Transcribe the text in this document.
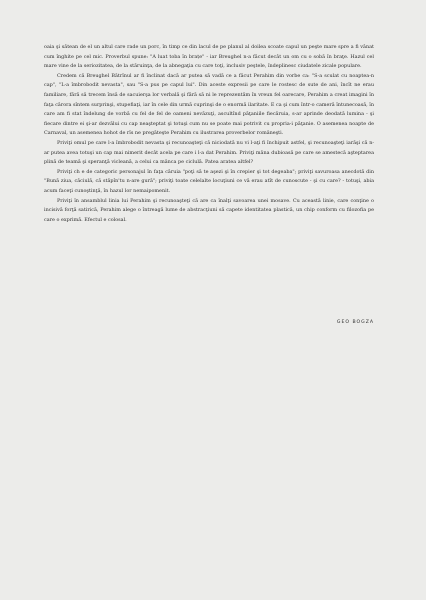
oaia şi sătean de el un altul care rade un porc, în timp ce din lacul de pe planul al doilea scoate capul un peşte mare spre a fi vânat cum înghite pe cel mic. Proverbul spune: "A luat toba în brațe" - iar Breughel n-a făcut decât un om cu o sobă în braţe. Hazul cel mare vine de la seriozitatea, de la stăruinţa, de la abnegaţia cu care toţi, inclusiv peştele, îndeplinesc ciudatele zicale populare.

Credem că Breughel Bătrînul ar fi înclinat dacă ar putea să vadă ce a făcut Perahim din vorbe ca: "S-a sculat cu noaptea-n cap", "L-a îmbrobodit nevasta", sau "S-a pus pe capul lui". Din aceste expresii pe care le rostesc de sute de ani, încît ne erau familiare, fără să trecem însă de sacuierşa lor verbală şi fără să ni le reprezentăm în vreun fel oarecare, Perahim a creat imagini în faţa cărora sîntem surprinşi, stupefiaţi, iar în cele din urmă cuprinşi de o enormă ilaritate. E ca şi cum într-o cameră întunecoasă, în care am fi stat îndelung de vorbă cu fel de fel de oameni nevăzuţi, ascultînd păţaniile fiecăruia, s-ar aprinde deodată lumina - şi fiecare dintre ei şi-ar dezvălui cu cap neaşteptat şi totuşi cum nu se poate mai potrivit cu propria-i păţanie. O asemenea noapte de Carnaval, un asemenea hohot de rîs ne pregăteşte Perahim cu ilustrarea proverbelor româneşti.

Priviţi omul pe care l-a îmbrobodit nevasta şi recunoaşteţi că niciodată nu vi l-aţi fi închipuit astfel, şi recunoaşteţi iarăşi că n-ar putea avea totuşi un cap mai nimerit decât acela pe care i l-a dat Perahim. Priviţi mâna dubioasă pe care se amestecă aşteptarea plină de teamă şi speranţă vicleană, a celui ca mânca pe ciclulă. Patea aratea altfel?

Priviţi ch e de categoric personajul în faţa căruia "poţi să te aşezi şi în crepier şi tot degeaba"; priviţi savuroasa anecdotă din "Bună ziua, căciulă, că stăpîn'tu n-are gură"; priviţi toate celelalte locuţiuni ce vă erau atît de cunoscute - şi cu care? - totuşi, abia acum faceţi cunoştinţă, în hazul lor nemaipomenit.

Priviţi în ansamblul linia lui Perahim şi recunoaşteţi că are ca înalţi savoarea unei mosave. Cu această linie, care conţine o incisivă forţă satirică, Perahim alege o întreagă lume de abstracţiuni să capete identitatea plastică, un chip conform cu filozofia pe care o exprimă. Efectul e colosal.

GEO BOGZA
